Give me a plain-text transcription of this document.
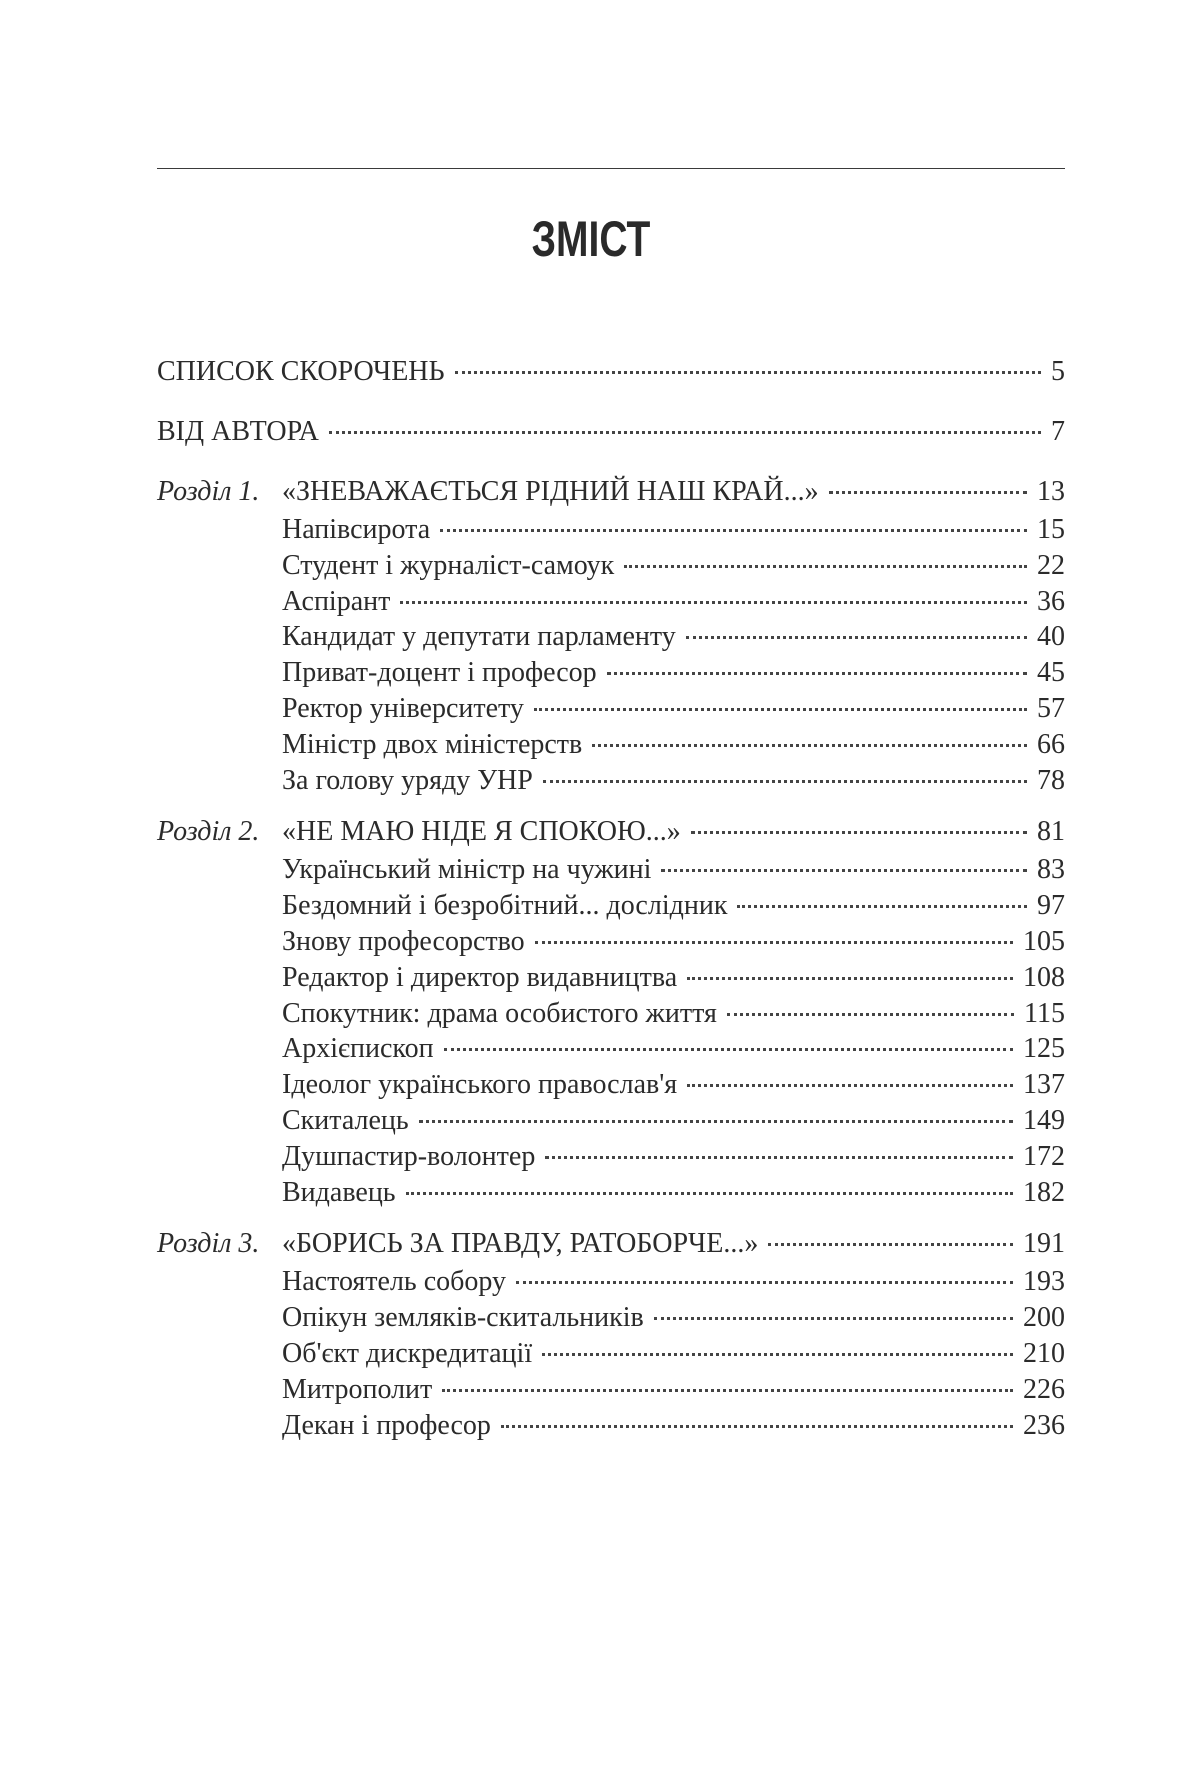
ЗМІСТ
СПИСОК СКОРОЧЕНЬ	5
ВІД АВТОРА	7
Розділ 1. «ЗНЕВАЖАЄТЬСЯ РІДНИЙ НАШ КРАЙ...»	13
Напівсирота	15
Студент і журналіст-самоук	22
Аспірант	36
Кандидат у депутати парламенту	40
Приват-доцент і професор	45
Ректор університету	57
Міністр двох міністерств	66
За голову уряду УНР	78
Розділ 2. «НЕ МАЮ НІДЕ Я СПОКОЮ...»	81
Український міністр на чужині	83
Бездомний і безробітний... дослідник	97
Знову професорство	105
Редактор і директор видавництва	108
Спокутник: драма особистого життя	115
Архієпископ	125
Ідеолог українського православ'я	137
Скиталець	149
Душпастир-волонтер	172
Видавець	182
Розділ 3. «БОРИСЬ ЗА ПРАВДУ, РАТОБОРЧЕ...»	191
Настоятель собору	193
Опікун земляків-скитальників	200
Об'єкт дискредитації	210
Митрополит	226
Декан і професор	236
